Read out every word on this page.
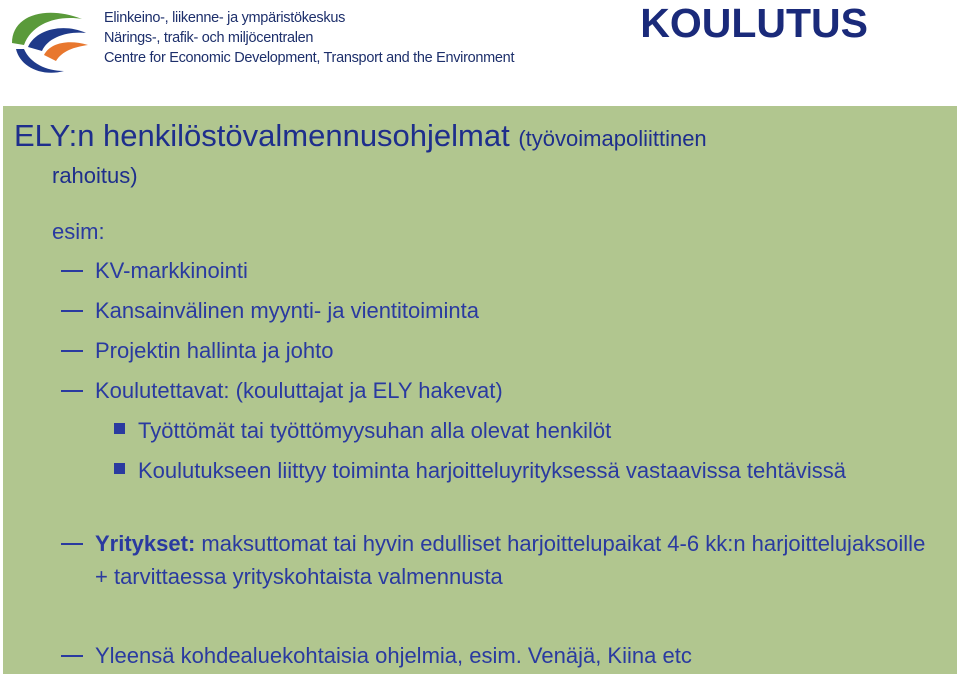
Elinkeino-, liikenne- ja ympäristökeskus
Närings-, trafik- och miljöcentralen
Centre for Economic Development, Transport and the Environment
KOULUTUS
ELY:n henkilöstövalmennusohjelmat (työvoimapoliittinen
rahoitus)
esim:
KV-markkinointi
Kansainvälinen myynti- ja vientitoiminta
Projektin hallinta ja johto
Koulutettavat: (kouluttajat ja ELY hakevat)
Työttömät tai työttömyysuhan alla olevat henkilöt
Koulutukseen liittyy toiminta harjoitteluyrityksessä vastaavissa tehtävissä
Yritykset: maksuttomat tai hyvin edulliset harjoittelupaikat 4-6 kk:n harjoittelujaksoille + tarvittaessa yrityskohtaista valmennusta
Yleensä kohdealuekohtaisia ohjelmia, esim. Venäjä, Kiina etc
